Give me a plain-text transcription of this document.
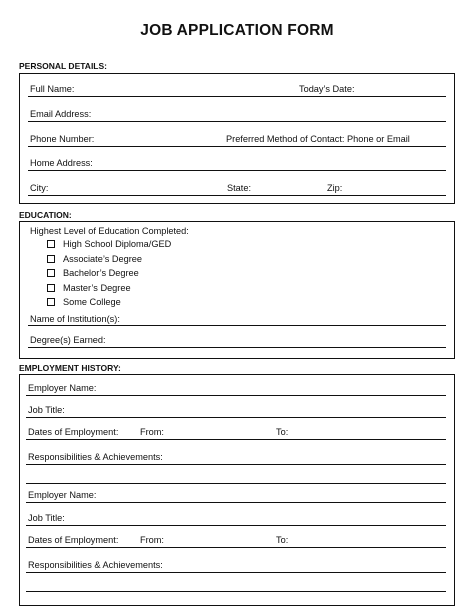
JOB APPLICATION FORM
PERSONAL DETAILS:
Full Name:	Today’s Date:
Email Address:
Phone Number:	Preferred Method of Contact: Phone or Email
Home Address:
City:	State:	Zip:
EDUCATION:
Highest Level of Education Completed:
High School Diploma/GED
Associate’s Degree
Bachelor’s Degree
Master’s Degree
Some College
Name of Institution(s):
Degree(s) Earned:
EMPLOYMENT HISTORY:
Employer Name:
Job Title:
Dates of Employment: From:	To:
Responsibilities & Achievements:
Employer Name:
Job Title:
Dates of Employment: From:	To:
Responsibilities & Achievements:
